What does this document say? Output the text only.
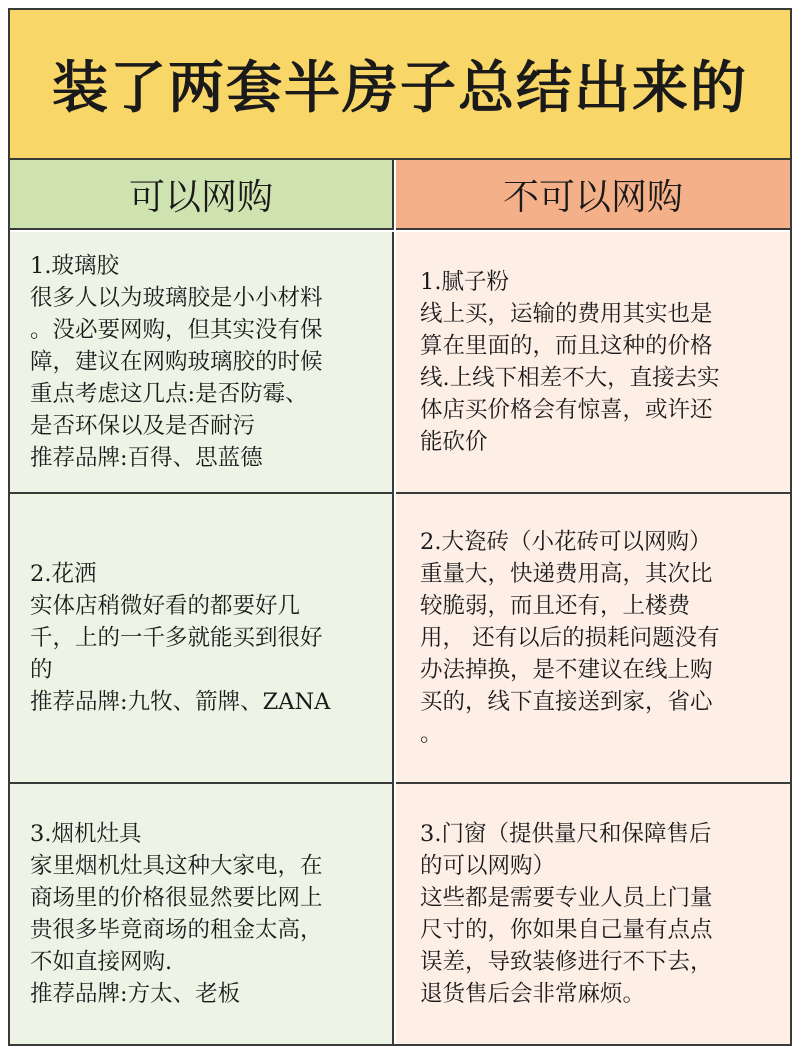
装了两套半房子总结出来的
可以网购	不可以网购
1.玻璃胶
很多人以为玻璃胶是小小材料
。没必要网购，但其实没有保
障，建议在网购玻璃胶的时候
重点考虑这几点:是否防霉、
是否环保以及是否耐污
推荐品牌:百得、思蓝德
1.腻子粉
线上买，运输的费用其实也是
算在里面的，而且这种的价格
线.上线下相差不大，直接去实
体店买价格会有惊喜，或许还
能砍价
2.花洒
实体店稍微好看的都要好几
千，上的一千多就能买到很好
的
推荐品牌:九牧、箭牌、ZANA
2.大瓷砖（小花砖可以网购）
重量大，快递费用高，其次比
较脆弱，而且还有，上楼费
用， 还有以后的损耗问题没有
办法掉换，是不建议在线上购
买的，线下直接送到家，省心
。
3.烟机灶具
家里烟机灶具这种大家电，在
商场里的价格很显然要比网上
贵很多毕竟商场的租金太高，
不如直接网购.
推荐品牌:方太、老板
3.门窗（提供量尺和保障售后
的可以网购）
这些都是需要专业人员上门量
尺寸的，你如果自己量有点点
误差，导致装修进行不下去，
退货售后会非常麻烦。
